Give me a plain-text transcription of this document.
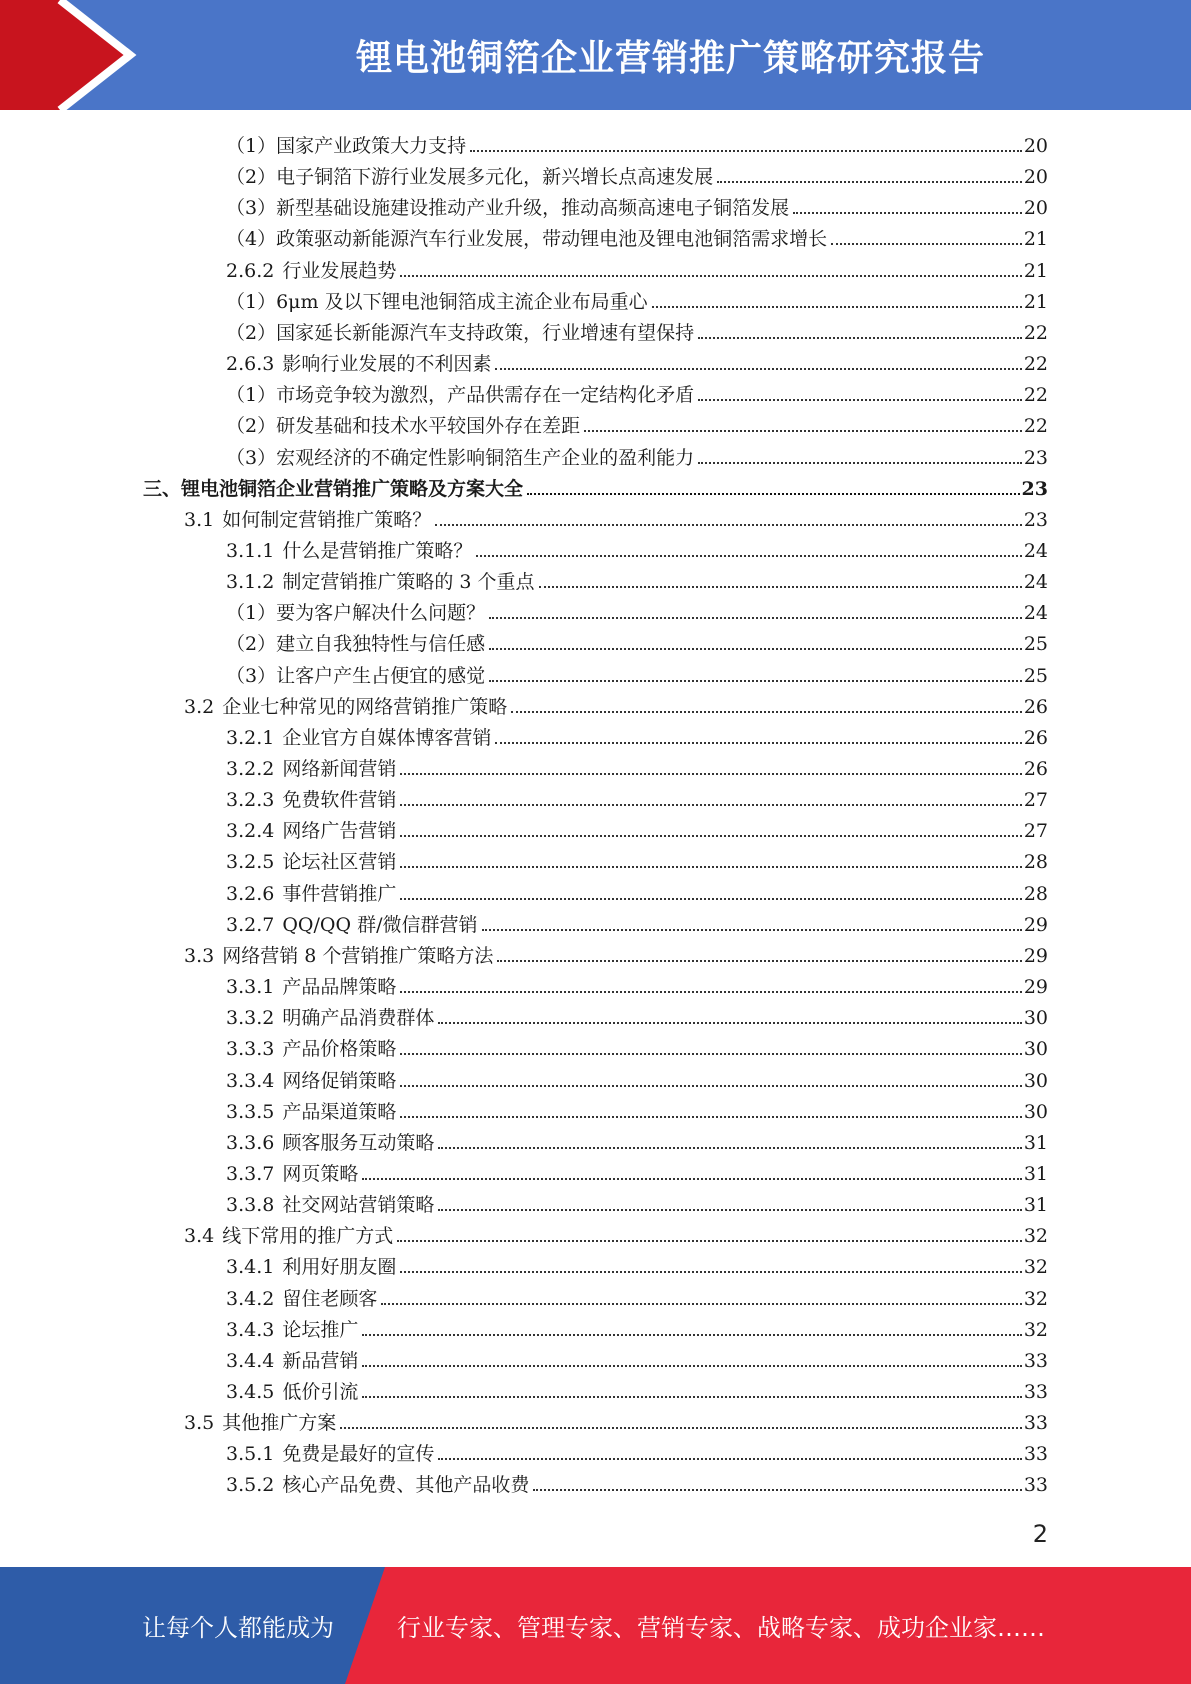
锂电池铜箔企业营销推广策略研究报告
（1）国家产业政策大力支持	20
（2）电子铜箔下游行业发展多元化，新兴增长点高速发展	20
（3）新型基础设施建设推动产业升级，推动高频高速电子铜箔发展	20
（4）政策驱动新能源汽车行业发展，带动锂电池及锂电池铜箔需求增长	21
2.6.2 行业发展趋势	21
（1）6μm 及以下锂电池铜箔成主流企业布局重心	21
（2）国家延长新能源汽车支持政策，行业增速有望保持	22
2.6.3 影响行业发展的不利因素	22
（1）市场竞争较为激烈，产品供需存在一定结构化矛盾	22
（2）研发基础和技术水平较国外存在差距	22
（3）宏观经济的不确定性影响铜箔生产企业的盈利能力	23
三、锂电池铜箔企业营销推广策略及方案大全	23
3.1 如何制定营销推广策略？	23
3.1.1 什么是营销推广策略？	24
3.1.2 制定营销推广策略的 3 个重点	24
（1）要为客户解决什么问题？	24
（2）建立自我独特性与信任感	25
（3）让客户产生占便宜的感觉	25
3.2 企业七种常见的网络营销推广策略	26
3.2.1 企业官方自媒体博客营销	26
3.2.2 网络新闻营销	26
3.2.3 免费软件营销	27
3.2.4 网络广告营销	27
3.2.5 论坛社区营销	28
3.2.6 事件营销推广	28
3.2.7 QQ/QQ 群/微信群营销	29
3.3 网络营销 8 个营销推广策略方法	29
3.3.1 产品品牌策略	29
3.3.2 明确产品消费群体	30
3.3.3 产品价格策略	30
3.3.4 网络促销策略	30
3.3.5 产品渠道策略	30
3.3.6 顾客服务互动策略	31
3.3.7 网页策略	31
3.3.8 社交网站营销策略	31
3.4 线下常用的推广方式	32
3.4.1 利用好朋友圈	32
3.4.2 留住老顾客	32
3.4.3 论坛推广	32
3.4.4 新品营销	33
3.4.5 低价引流	33
3.5 其他推广方案	33
3.5.1 免费是最好的宣传	33
3.5.2 核心产品免费、其他产品收费	33
2
让每个人都能成为	行业专家、管理专家、营销专家、战略专家、成功企业家……
